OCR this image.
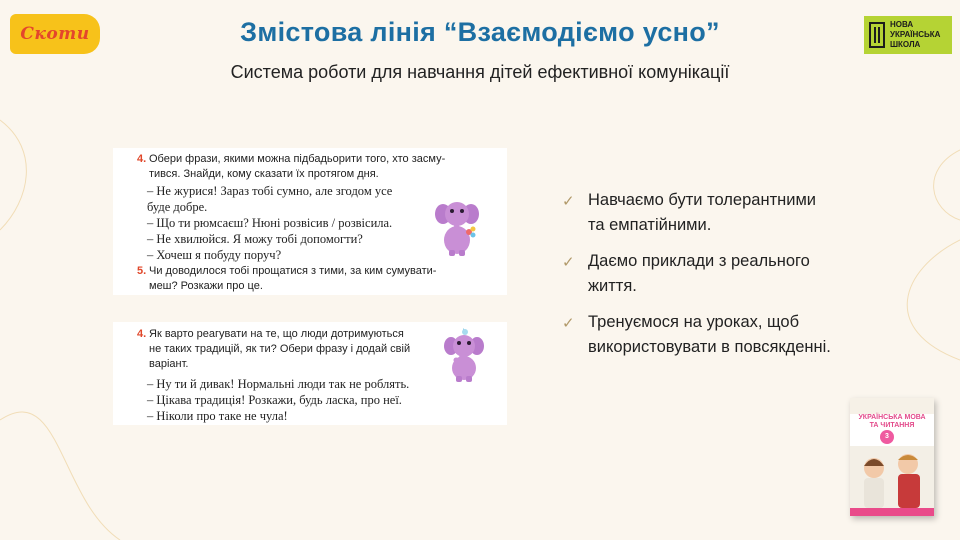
Скоти	НОВА
УКРАЇНСЬКА
ШКОЛА
Змістова лінія “Взаємодіємо усно”
Система роботи для навчання дітей ефективної комунікації
4. Обери фрази, якими можна підбадьорити того, хто засму-
тився. Знайди, кому сказати їх протягом дня.
– Не журися! Зараз тобі сумно, але згодом усе
буде добре.
– Що ти рюмсаєш? Нюні розвісив / розвісила.
– Не хвилюйся. Я можу тобі допомогти?
– Хочеш я побуду поруч?
5. Чи доводилося тобі прощатися з тими, за ким сумувати-
меш? Розкажи про це.
4. Як варто реагувати на те, що люди дотримуються
не таких традицій, як ти? Обери фразу і додай свій
варіант.
– Ну ти й дивак! Нормальні люди так не роблять.
– Цікава традиція! Розкажи, будь ласка, про неї.
– Ніколи про таке не чула!
✓ Навчаємо бути толерантними
та емпатійними.
✓ Даємо приклади з реального
життя.
✓ Тренуємося на уроках, щоб
використовувати в повсякденні.
УКРАЇНСЬКА МОВА
ТА ЧИТАННЯ
3
